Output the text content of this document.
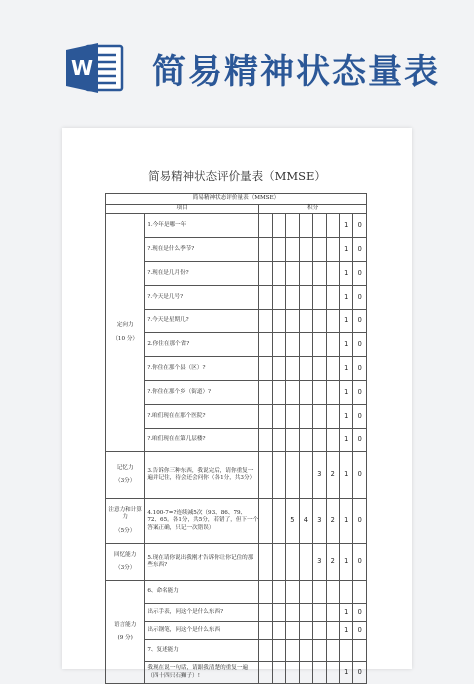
W 简易精神状态量表
简易精神状态评价量表（MMSE）
简易精神状态评价量表（MMSE）									
项目		积分							

定向力
（10 分）	1.今年是哪一年							1	0
	?.现在是什么季节?							1	0
	?.现在是几月份?							1	0
	?.今天是几号?							1	0
	?.今天是星期几?							1	0
	2.你住在那个省?							1	0
	?.你住在那个县（区）?							1	0
	?.你住在那个乡（街道）?							1	0
	?.咱们现在在那个医院?							1	0
	?.咱们现在在第几层楼?							1	0

记忆力
（3分）	3.告诉你三种东西，我说完后，请你重复一遍并记住，待会还会问你（各1分，共3分）					3	2	1	0

注意力和计算力
（5分）	4.100-7=?连续减5次（93、86、79、72、65。各1分，共5分，若错了，但下一个答案正确，只记一次错误）			5	4	3	2	1	0

回忆能力
（3分）	5.现在请你说出我刚才告诉你让你记住的那些东西?					3	2	1	0

语言能力
(9 分)	6、命名能力								
	出示手表，问这个是什么东西?							1	0
	出示钢笔，问这个是什么东西							1	0
	7、复述能力								
	我现在说一句话，请跟我清楚的重复一遍（四十四只石狮子）!							1	0
